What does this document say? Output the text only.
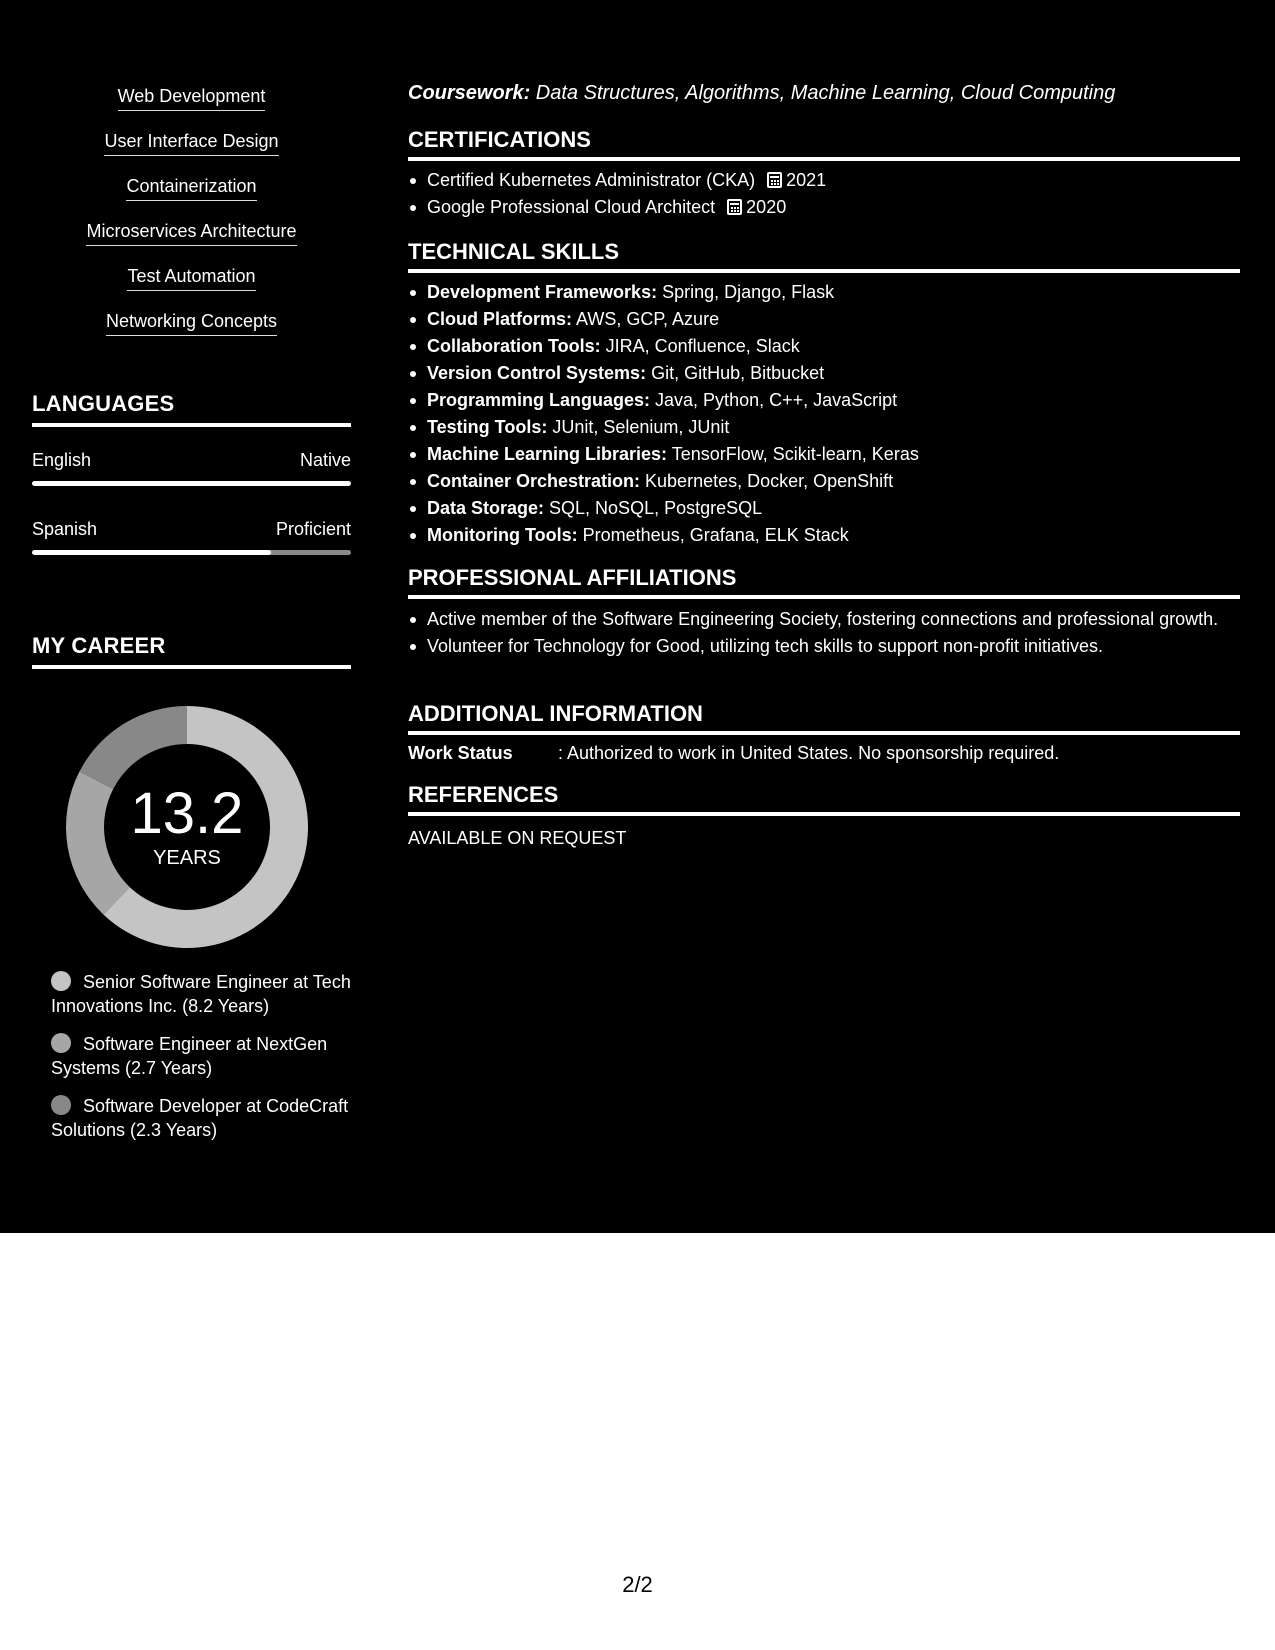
Web Development
User Interface Design
Containerization
Microservices Architecture
Test Automation
Networking Concepts
LANGUAGES
English	Native
Spanish	Proficient
MY CAREER
13.2
YEARS
Senior Software Engineer at Tech Innovations Inc. (8.2 Years)
Software Engineer at NextGen Systems (2.7 Years)
Software Developer at CodeCraft Solutions (2.3 Years)
Coursework: Data Structures, Algorithms, Machine Learning, Cloud Computing
CERTIFICATIONS
Certified Kubernetes Administrator (CKA) 2021
Google Professional Cloud Architect 2020
TECHNICAL SKILLS
Development Frameworks: Spring, Django, Flask
Cloud Platforms: AWS, GCP, Azure
Collaboration Tools: JIRA, Confluence, Slack
Version Control Systems: Git, GitHub, Bitbucket
Programming Languages: Java, Python, C++, JavaScript
Testing Tools: JUnit, Selenium, JUnit
Machine Learning Libraries: TensorFlow, Scikit-learn, Keras
Container Orchestration: Kubernetes, Docker, OpenShift
Data Storage: SQL, NoSQL, PostgreSQL
Monitoring Tools: Prometheus, Grafana, ELK Stack
PROFESSIONAL AFFILIATIONS
Active member of the Software Engineering Society, fostering connections and professional growth.
Volunteer for Technology for Good, utilizing tech skills to support non-profit initiatives.
ADDITIONAL INFORMATION
Work Status	: Authorized to work in United States. No sponsorship required.
REFERENCES
AVAILABLE ON REQUEST
2/2
